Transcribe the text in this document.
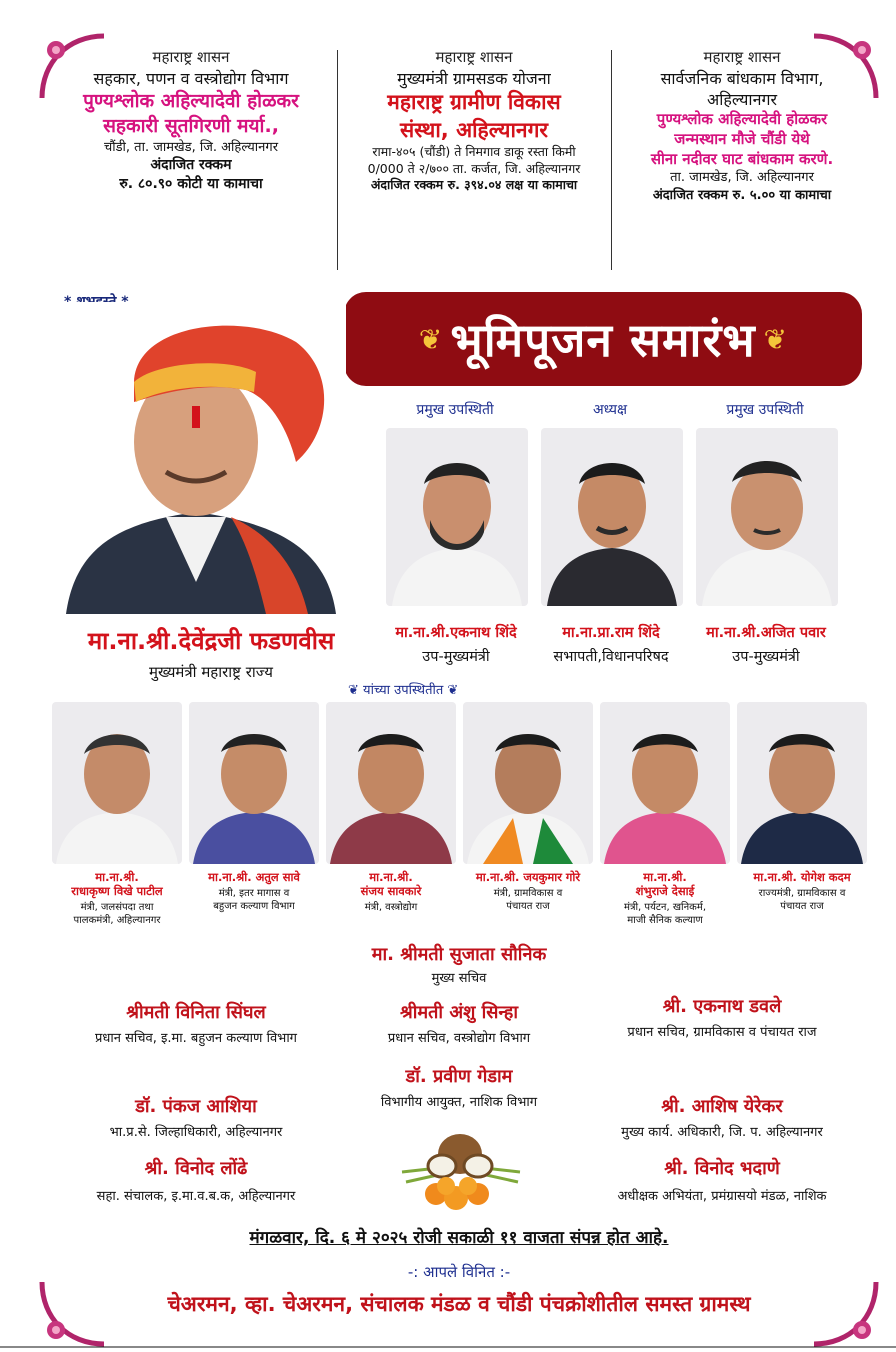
महाराष्ट्र शासन
सहकार, पणन व वस्त्रोद्योग विभाग
पुण्यश्लोक अहिल्यादेवी होळकर
सहकारी सूतगिरणी मर्या.,
चौंडी, ता. जामखेड, जि. अहिल्यानगर
अंदाजित रक्कम
रु. ८०.९० कोटी या कामाचा
महाराष्ट्र शासन
मुख्यमंत्री ग्रामसडक योजना
महाराष्ट्र ग्रामीण विकास
संस्था, अहिल्यानगर
रामा-४०५ (चौंडी) ते निमगाव डाकू रस्ता किमी
0/000 ते २/७०० ता. कर्जत, जि. अहिल्यानगर
अंदाजित रक्कम रु. ३९४.०४ लक्ष या कामाचा
महाराष्ट्र शासन
सार्वजनिक बांधकाम विभाग,
अहिल्यानगर
पुण्यश्लोक अहिल्यादेवी होळकर
जन्मस्थान मौजे चौंडी येथे
सीना नदीवर घाट बांधकाम करणे.
ता. जामखेड, जि. अहिल्यानगर
अंदाजित रक्कम रु. ५.०० या कामाचा
❦ भूमिपूजन समारंभ ❦
मा.ना.श्री.देवेंद्रजी फडणवीस
मुख्यमंत्री महाराष्ट्र राज्य
प्रमुख उपस्थिती	अध्यक्ष	प्रमुख उपस्थिती
मा.ना.श्री.एकनाथ शिंदे	मा.ना.प्रा.राम शिंदे	मा.ना.श्री.अजित पवार
उप-मुख्यमंत्री	सभापती,विधानपरिषद	उप-मुख्यमंत्री
❦ यांच्या उपस्थितीत ❦
मा.ना.श्री.
राधाकृष्ण विखे पाटील
मंत्री, जलसंपदा तथा
पालकमंत्री, अहिल्यानगर
मा.ना.श्री. अतुल सावे
मंत्री, इतर मागास व
बहुजन कल्याण विभाग
मा.ना.श्री.
संजय सावकारे
मंत्री, वस्त्रोद्योग
मा.ना.श्री. जयकुमार गोरे
मंत्री, ग्रामविकास व
पंचायत राज
मा.ना.श्री.
शंभुराजे देसाई
मंत्री, पर्यटन, खनिकर्म,
माजी सैनिक कल्याण
मा.ना.श्री. योगेश कदम
राज्यमंत्री, ग्रामविकास व
पंचायत राज
मा. श्रीमती सुजाता सौनिक
मुख्य सचिव
श्रीमती विनिता सिंघल
प्रधान सचिव, इ.मा. बहुजन कल्याण विभाग
श्रीमती अंशु सिन्हा
प्रधान सचिव, वस्त्रोद्योग विभाग
श्री. एकनाथ डवले
प्रधान सचिव, ग्रामविकास व पंचायत राज
डॉ. प्रवीण गेडाम
विभागीय आयुक्त, नाशिक विभाग
डॉ. पंकज आशिया
भा.प्र.से. जिल्हाधिकारी, अहिल्यानगर
श्री. आशिष येरेकर
मुख्य कार्य. अधिकारी, जि. प. अहिल्यानगर
श्री. विनोद लोंढे
सहा. संचालक, इ.मा.व.ब.क, अहिल्यानगर
श्री. विनोद भदाणे
अधीक्षक अभियंता, प्रमंग्रासयो मंडळ, नाशिक
मंगळवार, दि. ६ मे २०२५ रोजी सकाळी ११ वाजता संपन्न होत आहे.
-: आपले विनित :-
चेअरमन, व्हा. चेअरमन, संचालक मंडळ व चौंडी पंचक्रोशीतील समस्त ग्रामस्थ
